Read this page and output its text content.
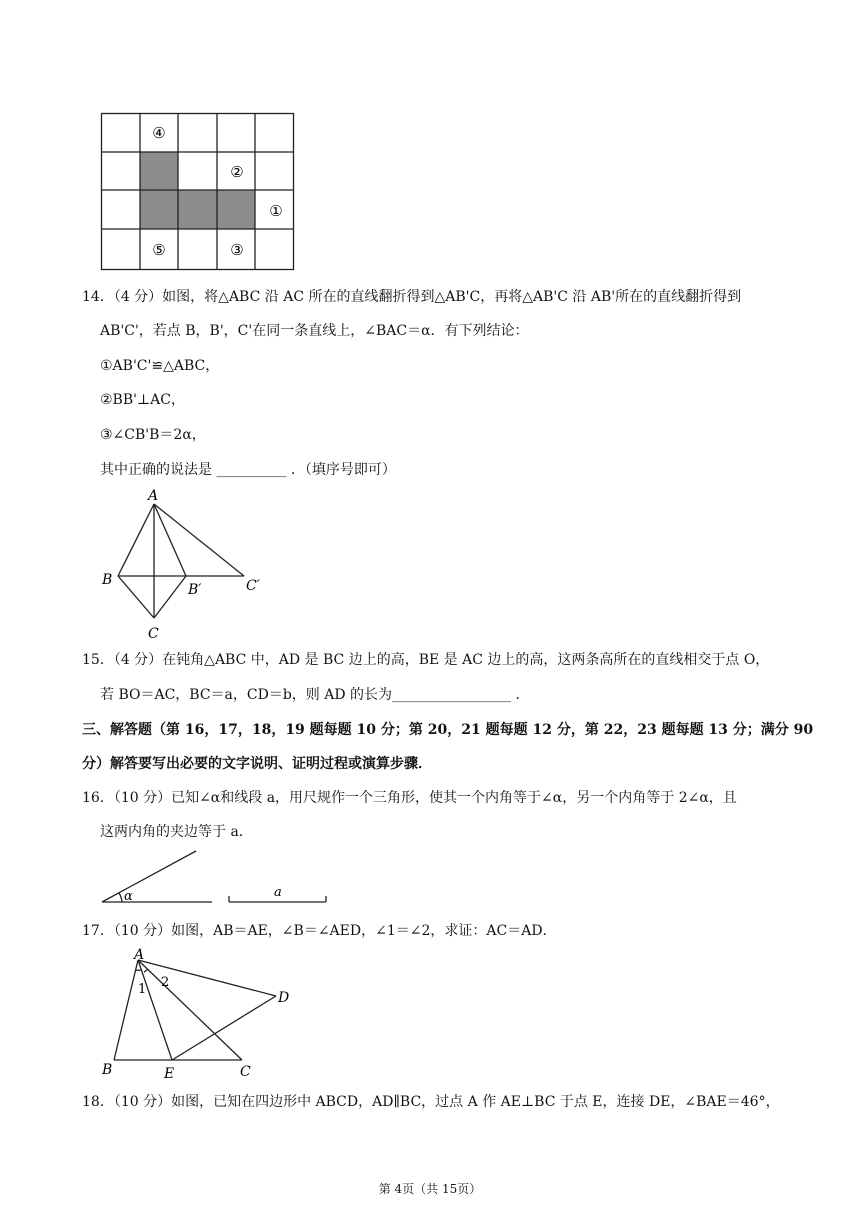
④
②
①
⑤	③
14．（4 分）如图，将△ABC 沿 AC 所在的直线翻折得到△AB'C，再将△AB'C 沿 AB'所在的直线翻折得到
AB'C'，若点 B，B'，C'在同一条直线上，∠BAC＝α．有下列结论：
①AB'C'≌△ABC，
②BB'⊥AC，
③∠CB'B＝2α，
其中正确的说法是 __________ ．（填序号即可）
A
B
B′	C′
C
15．（4 分）在钝角△ABC 中，AD 是 BC 边上的高，BE 是 AC 边上的高，这两条高所在的直线相交于点 O，
若 BO＝AC，BC＝a，CD＝b，则 AD 的长为_________________ ．
三、解答题（第 16，17，18，19 题每题 10 分；第 20，21 题每题 12 分，第 22，23 题每题 13 分；满分 90
分）解答要写出必要的文字说明、证明过程或演算步骤．
16．（10 分）已知∠α和线段 a，用尺规作一个三角形，使其一个内角等于∠α，另一个内角等于 2∠α，且
这两内角的夹边等于 a．
α	a
17．（10 分）如图，AB＝AE，∠B＝∠AED，∠1＝∠2，求证：AC＝AD．
A
1 2
D
B	E	C
18．（10 分）如图，已知在四边形中 ABCD，AD∥BC，过点 A 作 AE⊥BC 于点 E，连接 DE，∠BAE＝46°，
第 4页（共 15页）
